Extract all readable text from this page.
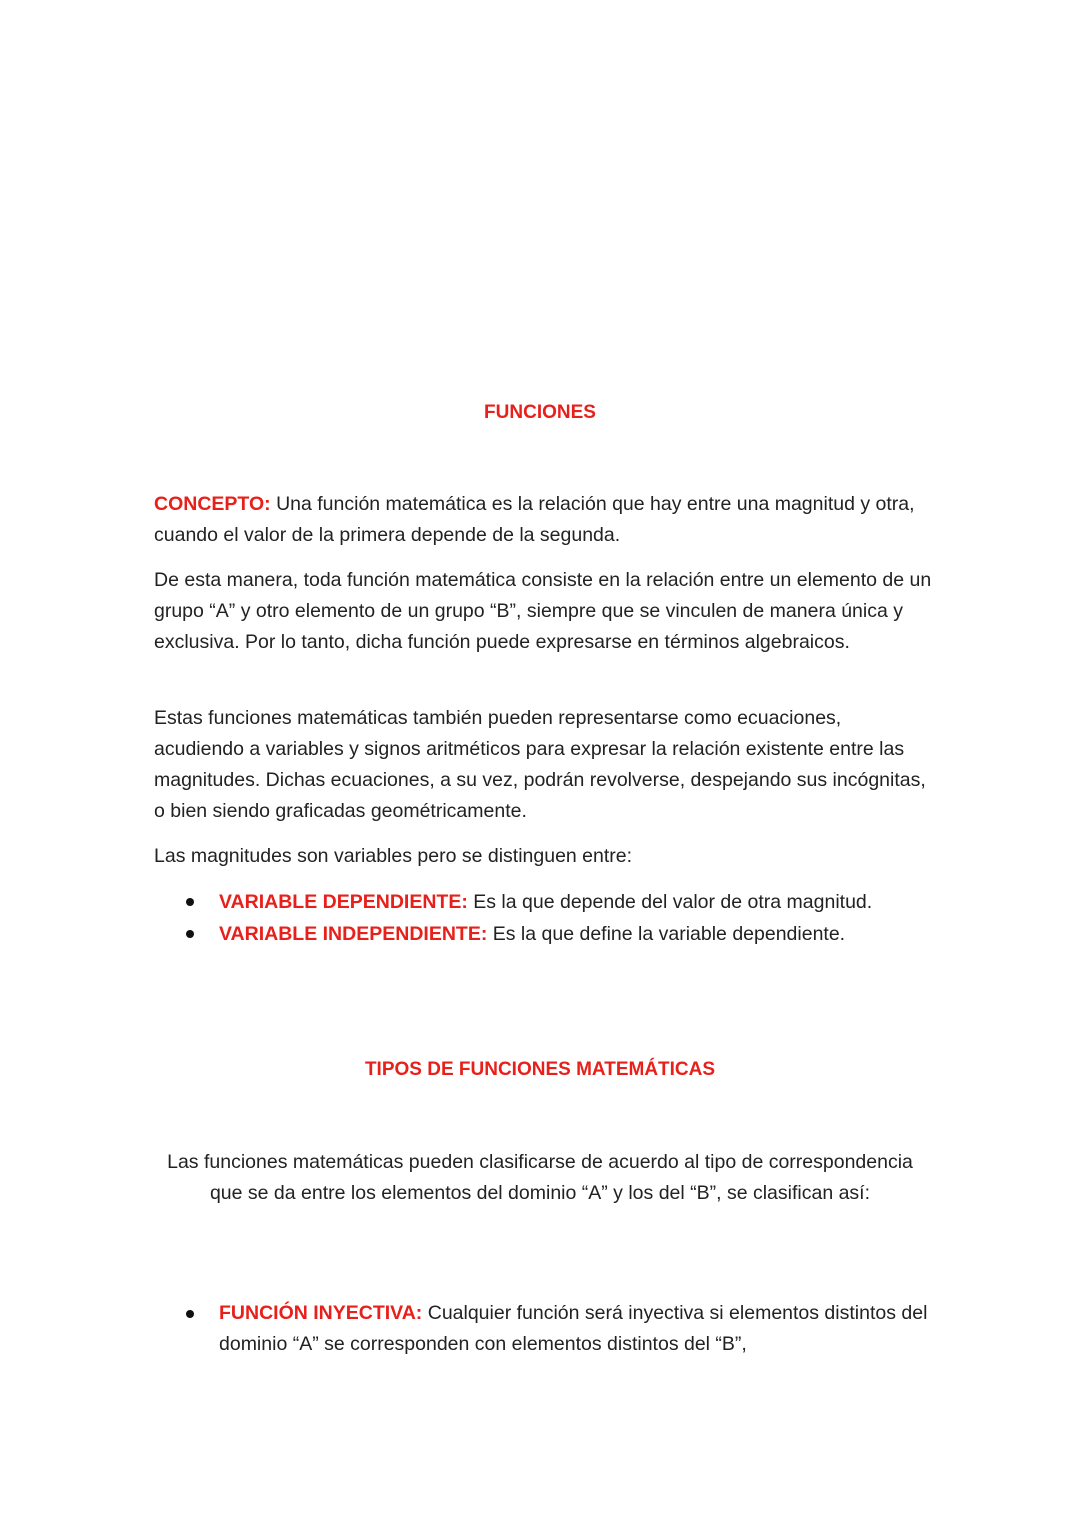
FUNCIONES

CONCEPTO: Una función matemática es la relación que hay entre una magnitud y otra, cuando el valor de la primera depende de la segunda.

De esta manera, toda función matemática consiste en la relación entre un elemento de un grupo “A” y otro elemento de un grupo “B”, siempre que se vinculen de manera única y exclusiva. Por lo tanto, dicha función puede expresarse en términos algebraicos.

Estas funciones matemáticas también pueden representarse como ecuaciones, acudiendo a variables y signos aritméticos para expresar la relación existente entre las magnitudes. Dichas ecuaciones, a su vez, podrán revolverse, despejando sus incógnitas, o bien siendo graficadas geométricamente.

Las magnitudes son variables pero se distinguen entre:

VARIABLE DEPENDIENTE: Es la que depende del valor de otra magnitud.
VARIABLE INDEPENDIENTE: Es la que define la variable dependiente.
TIPOS DE FUNCIONES MATEMÁTICAS

Las funciones matemáticas pueden clasificarse de acuerdo al tipo de correspondencia que se da entre los elementos del dominio “A” y los del “B”, se clasifican así:

FUNCIÓN INYECTIVA: Cualquier función será inyectiva si elementos distintos del dominio “A” se corresponden con elementos distintos del “B”,
